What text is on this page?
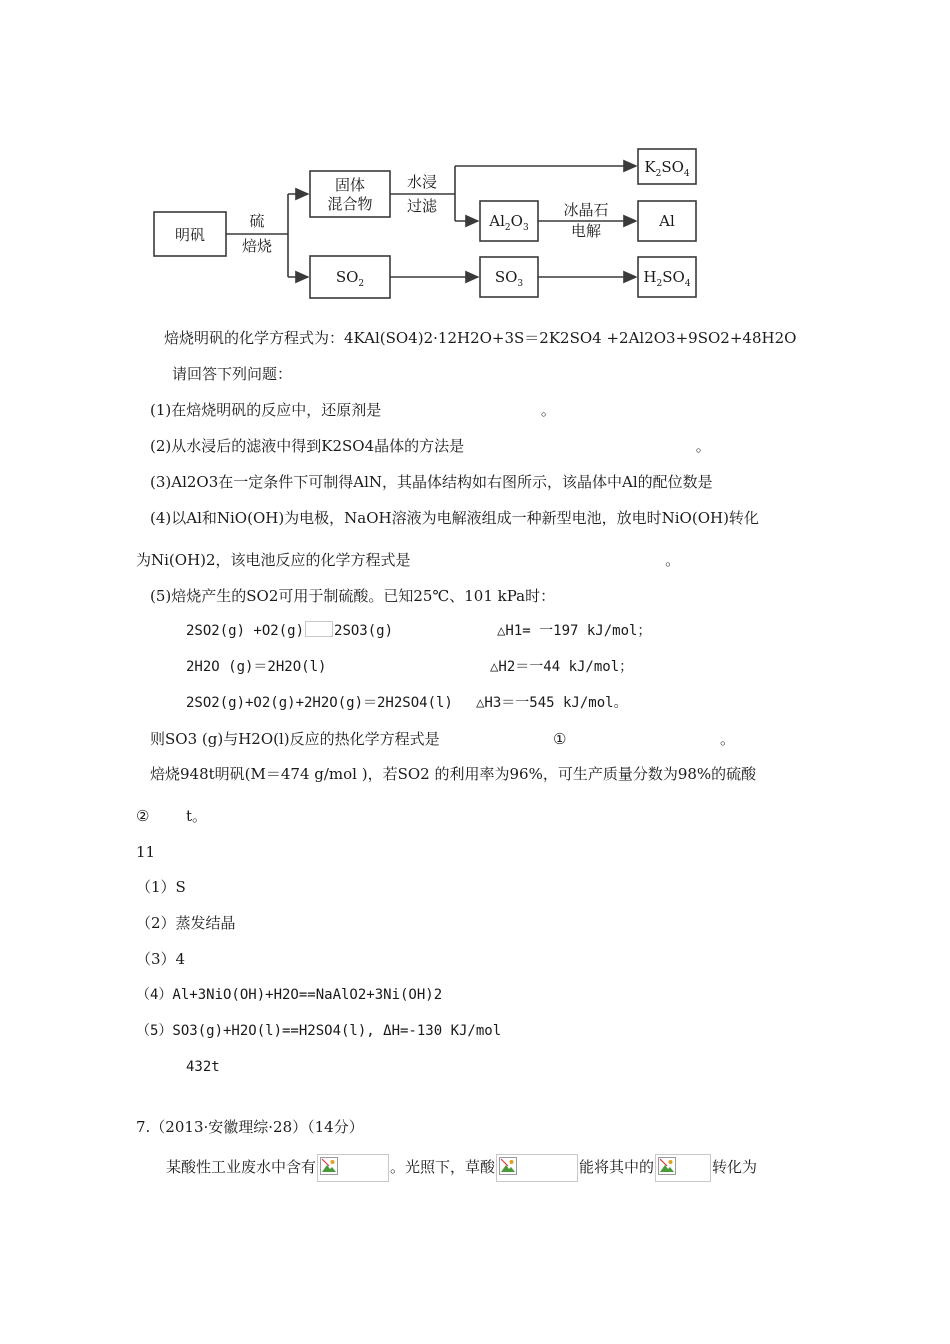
明矾
固体
混合物
$SO_2$
$Al_2O_3$
$SO_3$
$K_2SO_4$
Al
$H_2SO_4$
硫
焙烧
水浸
过滤	冰晶石
电解
焙烧明矾的化学方程式为：4KAl(SO4)2·12H2O+3S＝2K2SO4 +2Al2O3+9SO2+48H2O
请回答下列问题：
(1)在焙烧明矾的反应中，还原剂是	。
(2)从水浸后的滤液中得到K2SO4晶体的方法是	。
(3)Al2O3在一定条件下可制得AlN，其晶体结构如右图所示，该晶体中Al的配位数是
(4)以Al和NiO(OH)为电极，NaOH溶液为电解液组成一种新型电池，放电时NiO(OH)转化
为Ni(OH)2，该电池反应的化学方程式是	。
(5)焙烧产生的SO2可用于制硫酸。已知25℃、101 kPa时：
2SO2(g) +O2(g) 2SO3(g)	△H1= 一197 kJ/mol；
2H2O (g)＝2H2O(l)	△H2＝一44 kJ/mol；
2SO2(g)+O2(g)+2H2O(g)＝2H2SO4(l) △H3＝一545 kJ/mol。
则SO3 (g)与H2O(l)反应的热化学方程式是	①	。
焙烧948t明矾(M＝474 g/mol )，若SO2 的利用率为96%，可生产质量分数为98%的硫酸
② t。
11
（1）S
（2）蒸发结晶
（3）4
（4）Al+3NiO(OH)+H2O==NaAlO2+3Ni(OH)2
（5）SO3(g)+H2O(l)==H2SO4(l), ΔH=-130 KJ/mol
432t
7.（2013·安徽理综·28）（14分）
某酸性工业废水中含有	。光照下，草酸	能将其中的	转化为
